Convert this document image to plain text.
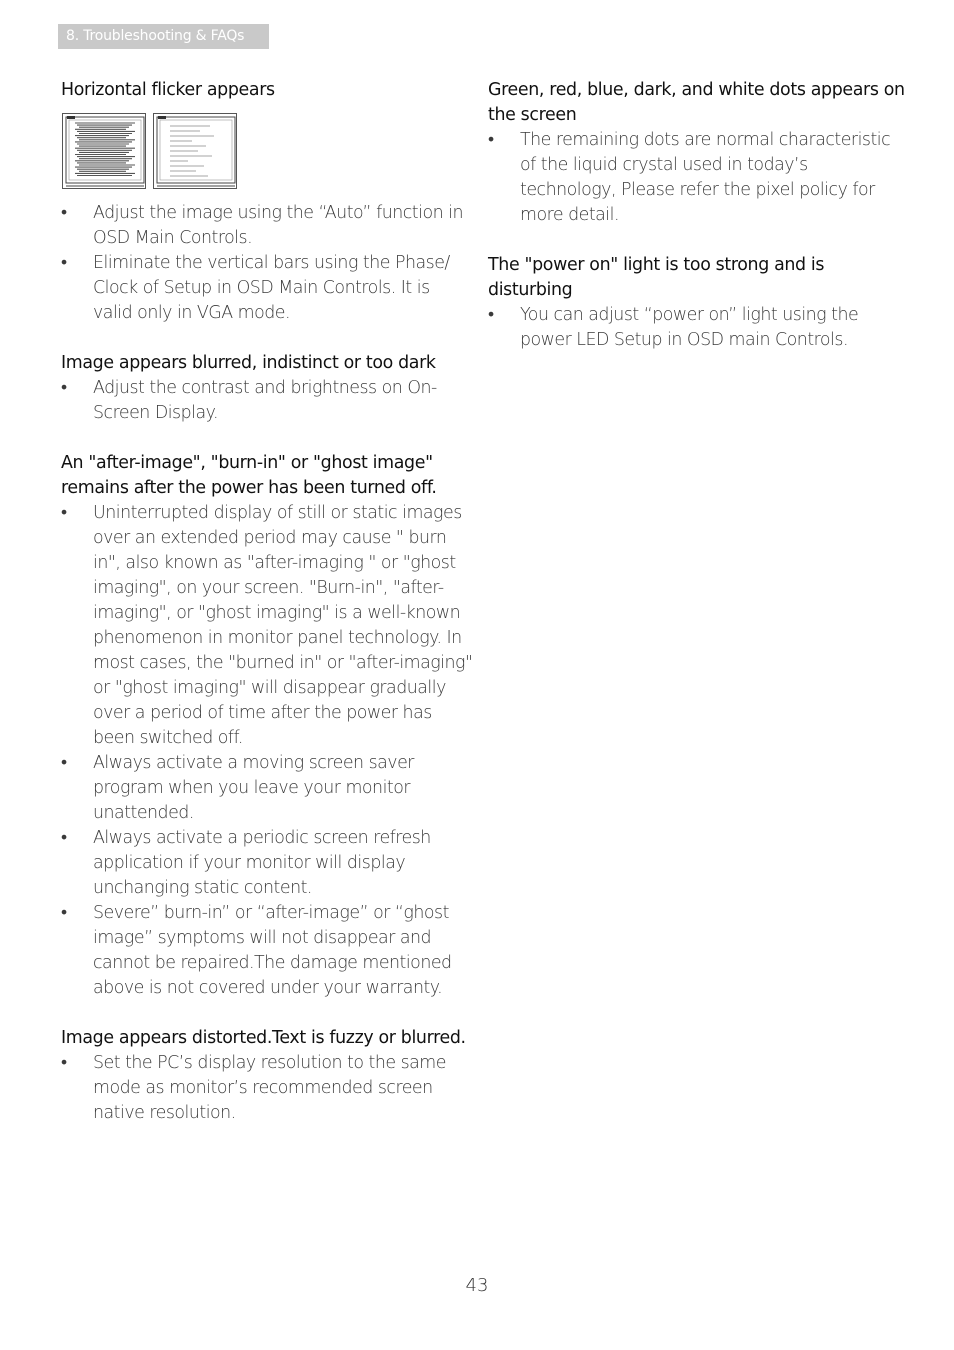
8. Troubleshooting & FAQs

Horizontal flicker appears

•	Adjust the image using the “Auto” function in OSD Main Controls.
•	Eliminate the vertical bars using the Phase/ Clock of Setup in OSD Main Controls. It is valid only in VGA mode.

Image appears blurred, indistinct or too dark

•	Adjust the contrast and brightness on On-Screen Display.

An "after-image", "burn-in" or "ghost image" remains after the power has been turned off.

•	Uninterrupted display of still or static images over an extended period may cause " burn in", also known as "after-imaging " or "ghost imaging", on your screen. "Burn-in", "after-imaging", or "ghost imaging" is a well-known phenomenon in monitor panel technology. In most cases, the "burned in" or "after-imaging" or "ghost imaging" will disappear gradually over a period of time after the power has been switched off.
•	Always activate a moving screen saver program when you leave your monitor unattended.
•	Always activate a periodic screen refresh application if your monitor will display unchanging static content.
•	Severe” burn-in” or “after-image” or “ghost image” symptoms will not disappear and cannot be repaired.The damage mentioned above is not covered under your warranty.

Image appears distorted.Text is fuzzy or blurred.

•	Set the PC’s display resolution to the same mode as monitor’s recommended screen native resolution.

Green, red, blue, dark, and white dots appears on the screen

•	The remaining dots are normal characteristic of the liquid crystal used in today’s technology, Please refer the pixel policy for more detail.

The "power on" light is too strong and is disturbing

•	You can adjust “power on” light using the power LED Setup in OSD main Controls.
43
